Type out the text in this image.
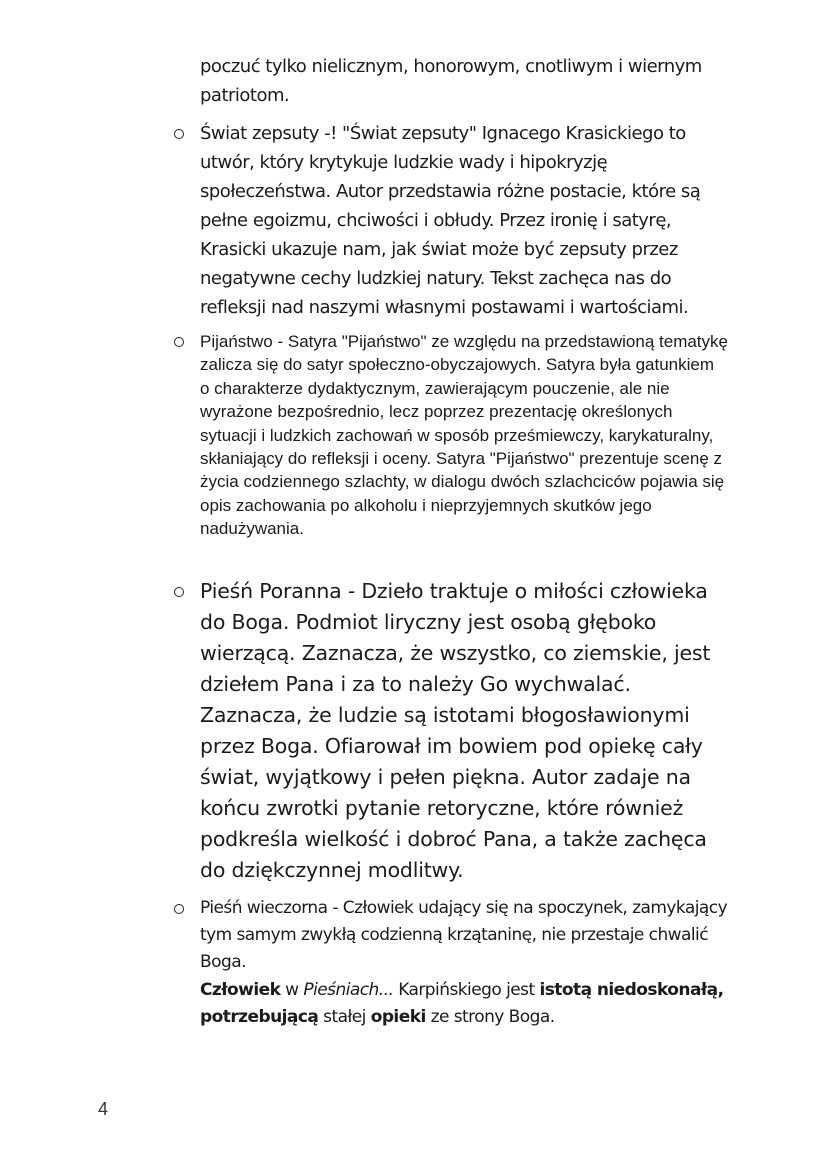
poczuć tylko nielicznym, honorowym, cnotliwym i wiernym patriotom.

Świat zepsuty -! "Świat zepsuty" Ignacego Krasickiego to utwór, który krytykuje ludzkie wady i hipokryzję społeczeństwa. Autor przedstawia różne postacie, które są pełne egoizmu, chciwości i obłudy. Przez ironię i satyrę, Krasicki ukazuje nam, jak świat może być zepsuty przez negatywne cechy ludzkiej natury. Tekst zachęca nas do refleksji nad naszymi własnymi postawami i wartościami.

Pijaństwo - Satyra "Pijaństwo" ze względu na przedstawioną tematykę zalicza się do satyr społeczno-obyczajowych. Satyra była gatunkiem o charakterze dydaktycznym, zawierającym pouczenie, ale nie wyrażone bezpośrednio, lecz poprzez prezentację określonych sytuacji i ludzkich zachowań w sposób prześmiewczy, karykaturalny, skłaniający do refleksji i oceny. Satyra "Pijaństwo" prezentuje scenę z życia codziennego szlachty, w dialogu dwóch szlachciców pojawia się opis zachowania po alkoholu i nieprzyjemnych skutków jego nadużywania.

Pieśń Poranna - Dzieło traktuje o miłości człowieka do Boga. Podmiot liryczny jest osobą głęboko wierzącą. Zaznacza, że wszystko, co ziemskie, jest dziełem Pana i za to należy Go wychwalać. Zaznacza, że ludzie są istotami błogosławionymi przez Boga. Ofiarował im bowiem pod opiekę cały świat, wyjątkowy i pełen piękna. Autor zadaje na końcu zwrotki pytanie retoryczne, które również podkreśla wielkość i dobroć Pana, a także zachęca do dziękczynnej modlitwy.

Pieśń wieczorna - Człowiek udający się na spoczynek, zamykający tym samym zwykłą codzienną krzątaninę, nie przestaje chwalić Boga.

Człowiek w Pieśniach... Karpińskiego jest istotą niedoskonałą, potrzebującą stałej opieki ze strony Boga.

4
